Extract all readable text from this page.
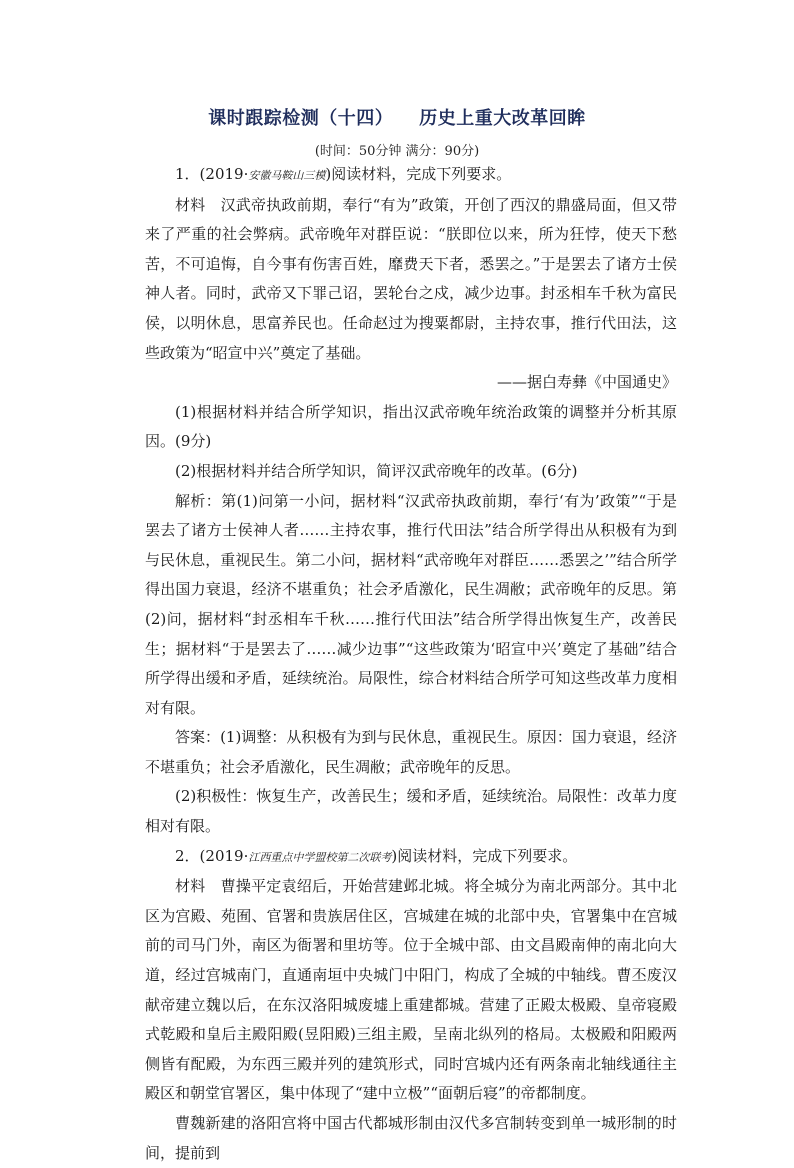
课时跟踪检测（十四） 历史上重大改革回眸
(时间：50分钟 满分：90分)

1．(2019·安徽马鞍山三模)阅读材料，完成下列要求。

材料　汉武帝执政前期，奉行“有为”政策，开创了西汉的鼎盛局面，但又带来了严重的社会弊病。武帝晚年对群臣说：“朕即位以来，所为狂悖，使天下愁苦，不可追悔，自今事有伤害百姓，靡费天下者，悉罢之。”于是罢去了诸方士侯神人者。同时，武帝又下罪己诏，罢轮台之戍，减少边事。封丞相车千秋为富民侯，以明休息，思富养民也。任命赵过为搜粟都尉，主持农事，推行代田法，这些政策为“昭宣中兴”奠定了基础。

——据白寿彝《中国通史》

(1)根据材料并结合所学知识，指出汉武帝晚年统治政策的调整并分析其原因。(9分)

(2)根据材料并结合所学知识，简评汉武帝晚年的改革。(6分)

解析：第(1)问第一小问，据材料“汉武帝执政前期，奉行‘有为’政策”“于是罢去了诸方士侯神人者……主持农事，推行代田法”结合所学得出从积极有为到与民休息，重视民生。第二小问，据材料“武帝晚年对群臣……悉罢之’”结合所学得出国力衰退，经济不堪重负；社会矛盾激化，民生凋敝；武帝晚年的反思。第(2)问，据材料“封丞相车千秋……推行代田法”结合所学得出恢复生产，改善民生；据材料“于是罢去了……减少边事”“这些政策为‘昭宣中兴’奠定了基础”结合所学得出缓和矛盾，延续统治。局限性，综合材料结合所学可知这些改革力度相对有限。

答案：(1)调整：从积极有为到与民休息，重视民生。原因：国力衰退，经济不堪重负；社会矛盾激化，民生凋敝；武帝晚年的反思。

(2)积极性：恢复生产，改善民生；缓和矛盾，延续统治。局限性：改革力度相对有限。

2．(2019·江西重点中学盟校第二次联考)阅读材料，完成下列要求。

材料　曹操平定袁绍后，开始营建邺北城。将全城分为南北两部分。其中北区为宫殿、苑囿、官署和贵族居住区，宫城建在城的北部中央，官署集中在宫城前的司马门外，南区为衙署和里坊等。位于全城中部、由文昌殿南伸的南北向大道，经过宫城南门，直通南垣中央城门中阳门，构成了全城的中轴线。曹丕废汉献帝建立魏以后，在东汉洛阳城废墟上重建都城。营建了正殿太极殿、皇帝寝殿式乾殿和皇后主殿阳殿(昱阳殿)三组主殿，呈南北纵列的格局。太极殿和阳殿两侧皆有配殿，为东西三殿并列的建筑形式，同时宫城内还有两条南北轴线通往主殿区和朝堂官署区，集中体现了“建中立极”“面朝后寝”的帝都制度。

曹魏新建的洛阳宫将中国古代都城形制由汉代多宫制转变到单一城形制的时间，提前到
